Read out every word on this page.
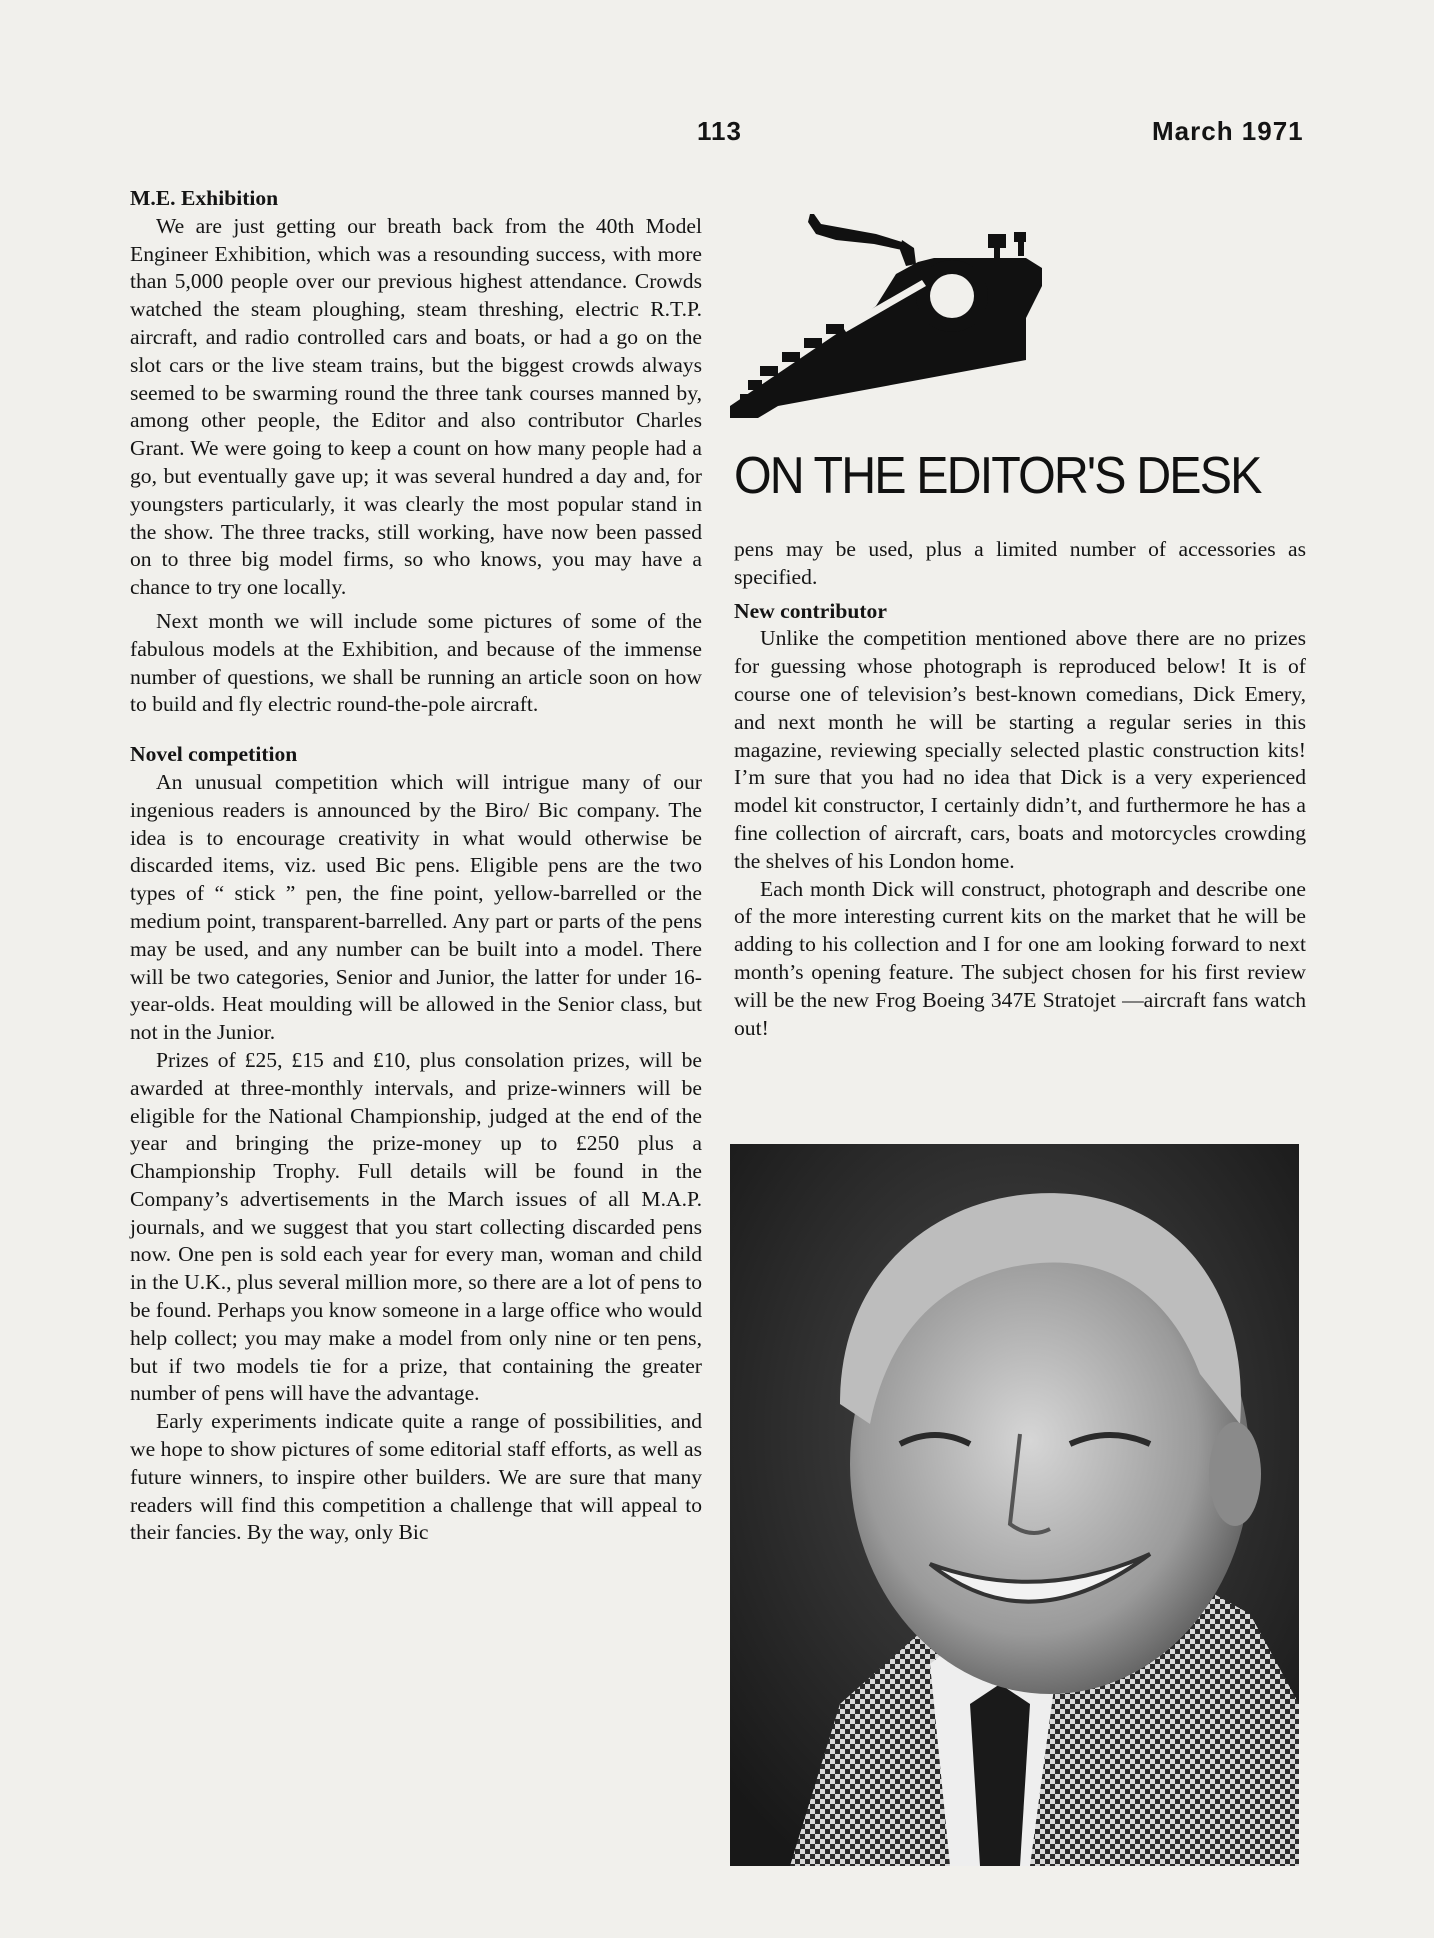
113	March 1971
M.E. Exhibition

We are just getting our breath back from the 40th Model Engineer Exhibition, which was a resounding success, with more than 5,000 people over our previous highest attendance. Crowds watched the steam ploughing, steam threshing, electric R.T.P. aircraft, and radio controlled cars and boats, or had a go on the slot cars or the live steam trains, but the biggest crowds always seemed to be swarming round the three tank courses manned by, among other people, the Editor and also contributor Charles Grant. We were going to keep a count on how many people had a go, but eventually gave up; it was several hundred a day and, for youngsters particularly, it was clearly the most popular stand in the show. The three tracks, still working, have now been passed on to three big model firms, so who knows, you may have a chance to try one locally.

Next month we will include some pictures of some of the fabulous models at the Exhibition, and because of the immense number of questions, we shall be running an article soon on how to build and fly electric round-the-pole aircraft.

Novel competition

An unusual competition which will intrigue many of our ingenious readers is announced by the Biro/ Bic company. The idea is to encourage creativity in what would otherwise be discarded items, viz. used Bic pens. Eligible pens are the two types of “ stick ” pen, the fine point, yellow-barrelled or the medium point, transparent-barrelled. Any part or parts of the pens may be used, and any number can be built into a model. There will be two categories, Senior and Junior, the latter for under 16-year-olds. Heat moulding will be allowed in the Senior class, but not in the Junior.

Prizes of £25, £15 and £10, plus consolation prizes, will be awarded at three-monthly intervals, and prize-winners will be eligible for the National Championship, judged at the end of the year and bringing the prize-money up to £250 plus a Championship Trophy. Full details will be found in the Company’s advertisements in the March issues of all M.A.P. journals, and we suggest that you start collecting discarded pens now. One pen is sold each year for every man, woman and child in the U.K., plus several million more, so there are a lot of pens to be found. Perhaps you know someone in a large office who would help collect; you may make a model from only nine or ten pens, but if two models tie for a prize, that containing the greater number of pens will have the advantage.

Early experiments indicate quite a range of possibilities, and we hope to show pictures of some editorial staff efforts, as well as future winners, to inspire other builders. We are sure that many readers will find this competition a challenge that will appeal to their fancies. By the way, only Bic

ON THE EDITOR'S DESK

pens may be used, plus a limited number of accessories as specified.

New contributor

Unlike the competition mentioned above there are no prizes for guessing whose photograph is reproduced below! It is of course one of television’s best-known comedians, Dick Emery, and next month he will be starting a regular series in this magazine, reviewing specially selected plastic construction kits! I’m sure that you had no idea that Dick is a very experienced model kit constructor, I certainly didn’t, and furthermore he has a fine collection of aircraft, cars, boats and motorcycles crowding the shelves of his London home.

Each month Dick will construct, photograph and describe one of the more interesting current kits on the market that he will be adding to his collection and I for one am looking forward to next month’s opening feature. The subject chosen for his first review will be the new Frog Boeing 347E Stratojet —aircraft fans watch out!
